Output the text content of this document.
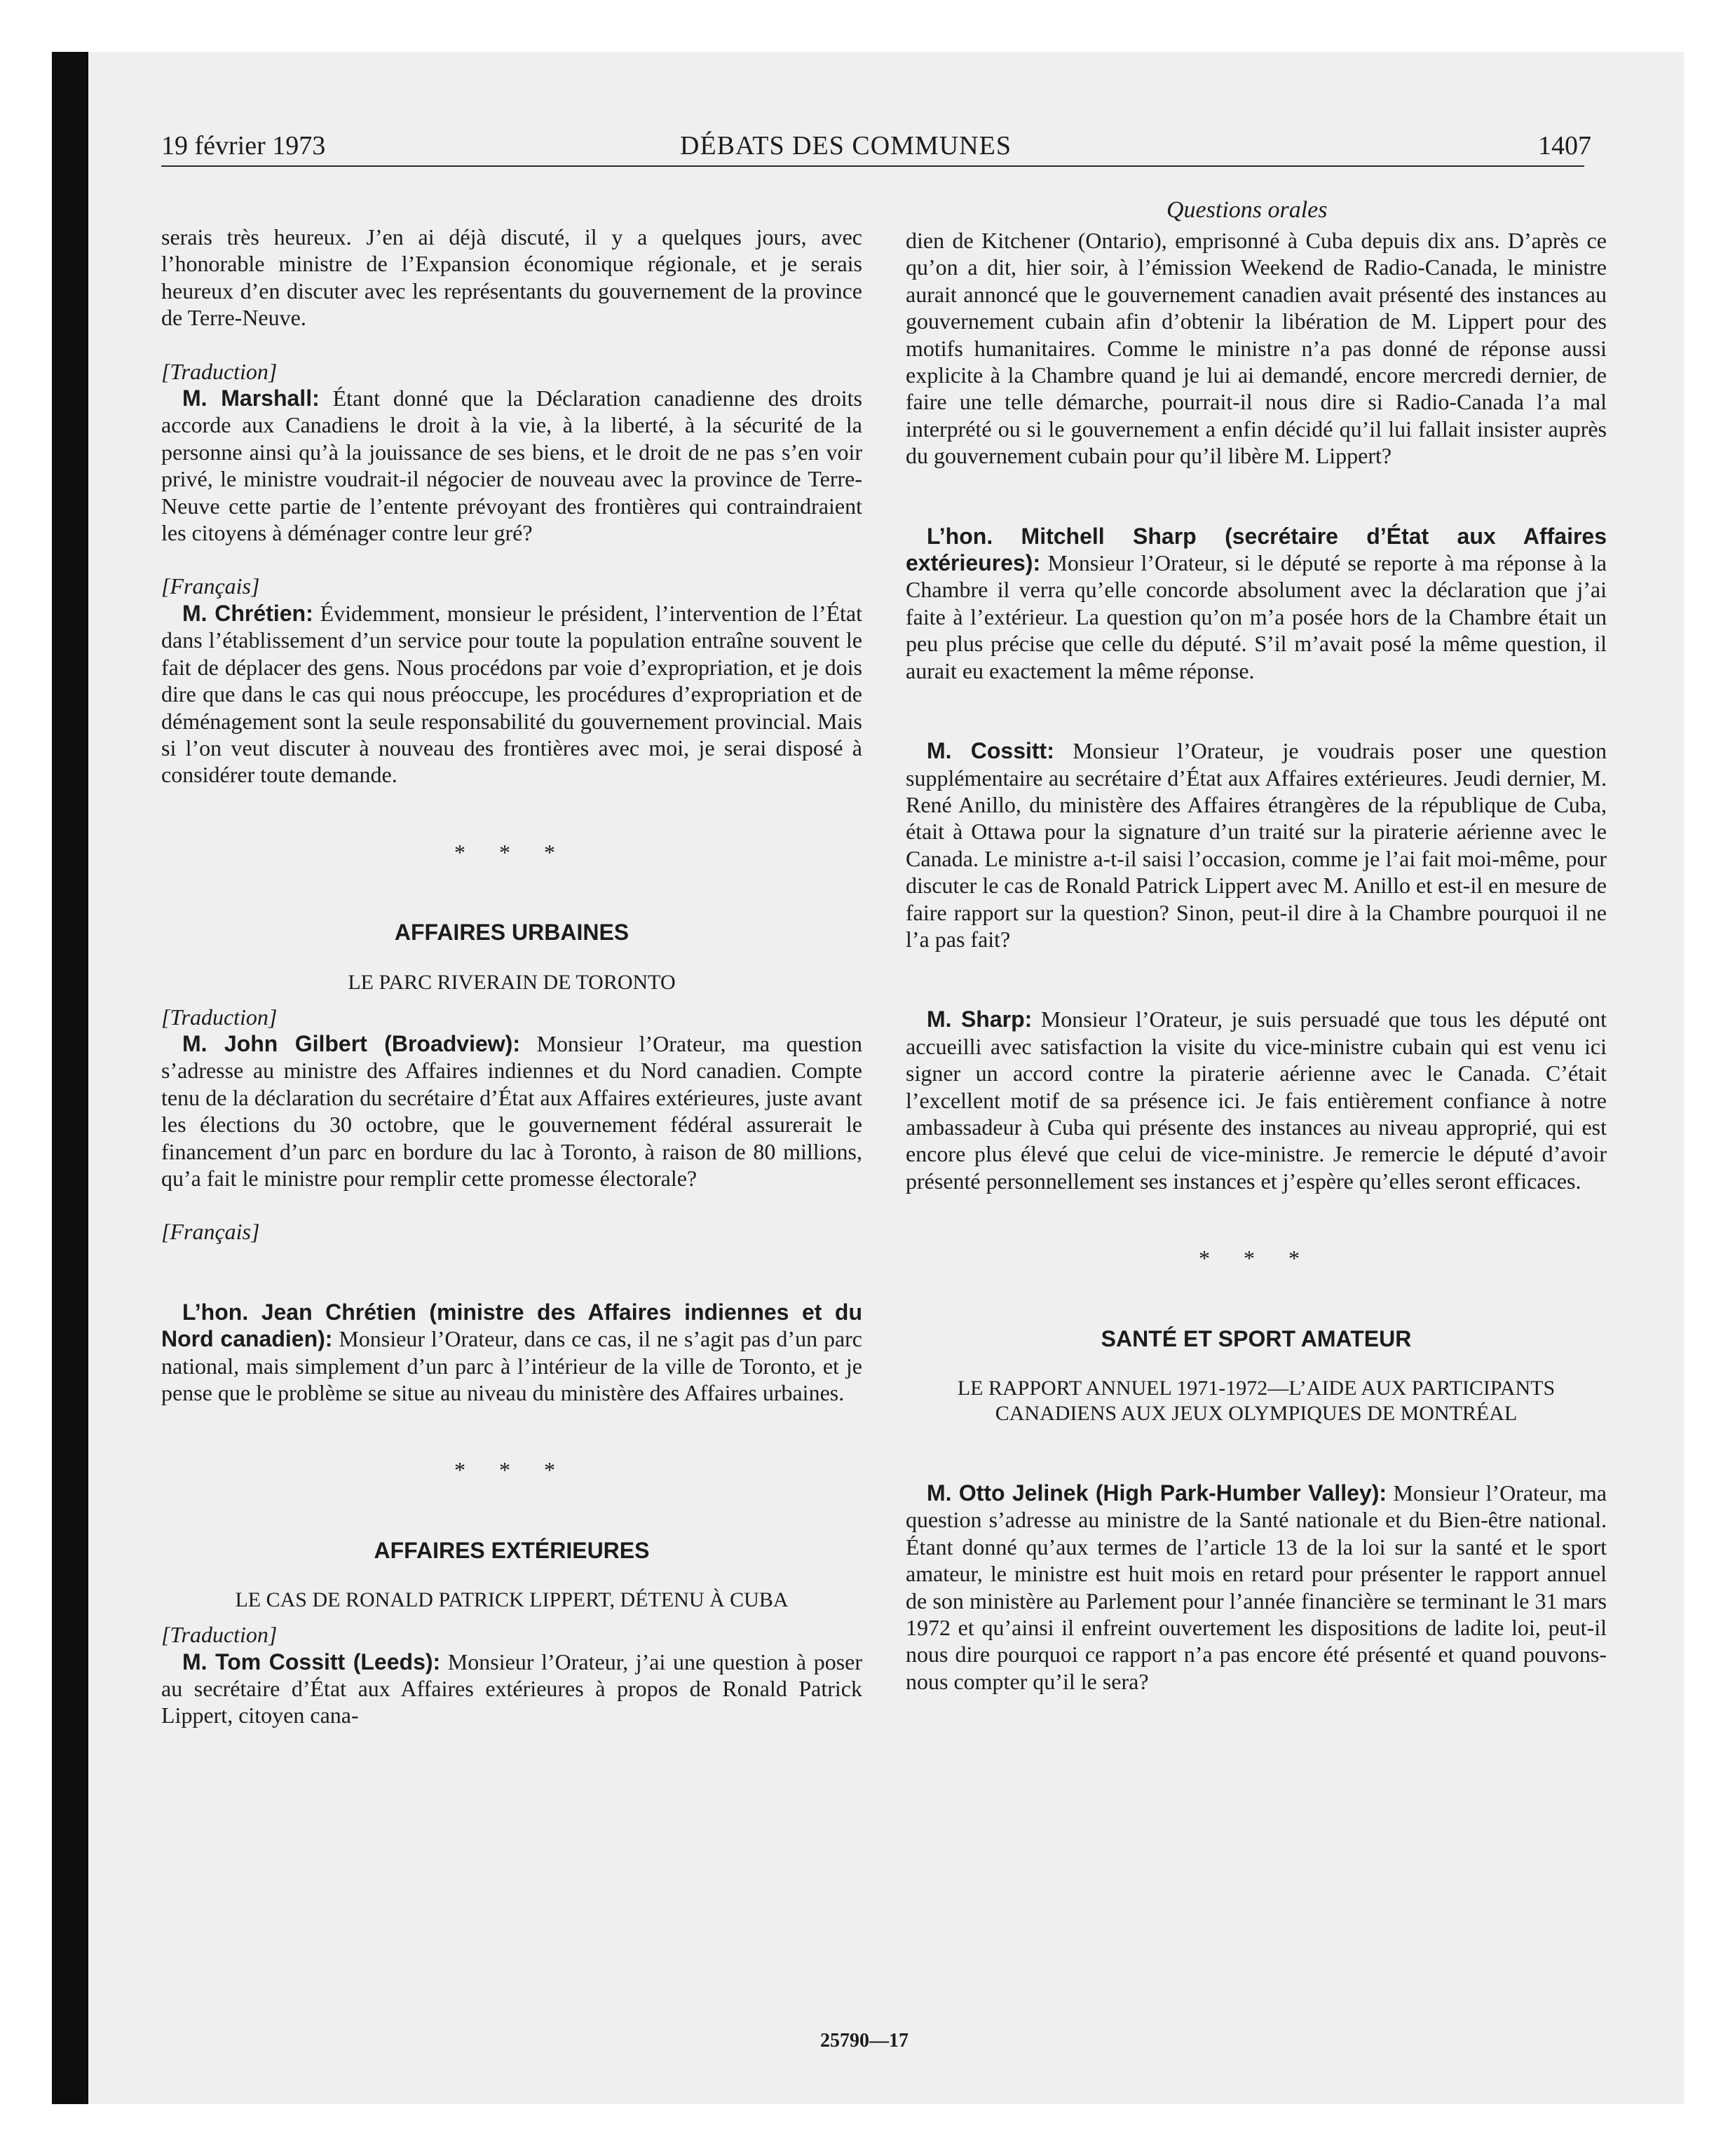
19 février 1973	DÉBATS DES COMMUNES	1407
Questions orales

serais très heureux. J’en ai déjà discuté, il y a quelques jours, avec l’honorable ministre de l’Expansion économique régionale, et je serais heureux d’en discuter avec les représentants du gouvernement de la province de Terre-Neuve.

[Traduction]

M. Marshall: Étant donné que la Déclaration canadienne des droits accorde aux Canadiens le droit à la vie, à la liberté, à la sécurité de la personne ainsi qu’à la jouissance de ses biens, et le droit de ne pas s’en voir privé, le ministre voudrait-il négocier de nouveau avec la province de Terre-Neuve cette partie de l’entente prévoyant des frontières qui contraindraient les citoyens à déménager contre leur gré?

[Français]

M. Chrétien: Évidemment, monsieur le président, l’intervention de l’État dans l’établissement d’un service pour toute la population entraîne souvent le fait de déplacer des gens. Nous procédons par voie d’expropriation, et je dois dire que dans le cas qui nous préoccupe, les procédures d’expropriation et de déménagement sont la seule responsabilité du gouvernement provincial. Mais si l’on veut discuter à nouveau des frontières avec moi, je serai disposé à considérer toute demande.

* * *

AFFAIRES URBAINES

LE PARC RIVERAIN DE TORONTO

[Traduction]

M. John Gilbert (Broadview): Monsieur l’Orateur, ma question s’adresse au ministre des Affaires indiennes et du Nord canadien. Compte tenu de la déclaration du secrétaire d’État aux Affaires extérieures, juste avant les élections du 30 octobre, que le gouvernement fédéral assurerait le financement d’un parc en bordure du lac à Toronto, à raison de 80 millions, qu’a fait le ministre pour remplir cette promesse électorale?

[Français]

L’hon. Jean Chrétien (ministre des Affaires indiennes et du Nord canadien): Monsieur l’Orateur, dans ce cas, il ne s’agit pas d’un parc national, mais simplement d’un parc à l’intérieur de la ville de Toronto, et je pense que le problème se situe au niveau du ministère des Affaires urbaines.

* * *

AFFAIRES EXTÉRIEURES

LE CAS DE RONALD PATRICK LIPPERT, DÉTENU À CUBA

[Traduction]

M. Tom Cossitt (Leeds): Monsieur l’Orateur, j’ai une question à poser au secrétaire d’État aux Affaires extérieures à propos de Ronald Patrick Lippert, citoyen cana-

dien de Kitchener (Ontario), emprisonné à Cuba depuis dix ans. D’après ce qu’on a dit, hier soir, à l’émission Weekend de Radio-Canada, le ministre aurait annoncé que le gouvernement canadien avait présenté des instances au gouvernement cubain afin d’obtenir la libération de M. Lippert pour des motifs humanitaires. Comme le ministre n’a pas donné de réponse aussi explicite à la Chambre quand je lui ai demandé, encore mercredi dernier, de faire une telle démarche, pourrait-il nous dire si Radio-Canada l’a mal interprété ou si le gouvernement a enfin décidé qu’il lui fallait insister auprès du gouvernement cubain pour qu’il libère M. Lippert?

L’hon. Mitchell Sharp (secrétaire d’État aux Affaires extérieures): Monsieur l’Orateur, si le député se reporte à ma réponse à la Chambre il verra qu’elle concorde absolument avec la déclaration que j’ai faite à l’extérieur. La question qu’on m’a posée hors de la Chambre était un peu plus précise que celle du député. S’il m’avait posé la même question, il aurait eu exactement la même réponse.

M. Cossitt: Monsieur l’Orateur, je voudrais poser une question supplémentaire au secrétaire d’État aux Affaires extérieures. Jeudi dernier, M. René Anillo, du ministère des Affaires étrangères de la république de Cuba, était à Ottawa pour la signature d’un traité sur la piraterie aérienne avec le Canada. Le ministre a-t-il saisi l’occasion, comme je l’ai fait moi-même, pour discuter le cas de Ronald Patrick Lippert avec M. Anillo et est-il en mesure de faire rapport sur la question? Sinon, peut-il dire à la Chambre pourquoi il ne l’a pas fait?

M. Sharp: Monsieur l’Orateur, je suis persuadé que tous les député ont accueilli avec satisfaction la visite du vice-ministre cubain qui est venu ici signer un accord contre la piraterie aérienne avec le Canada. C’était l’excellent motif de sa présence ici. Je fais entièrement confiance à notre ambassadeur à Cuba qui présente des instances au niveau approprié, qui est encore plus élevé que celui de vice-ministre. Je remercie le député d’avoir présenté personnellement ses instances et j’espère qu’elles seront efficaces.

* * *

SANTÉ ET SPORT AMATEUR

LE RAPPORT ANNUEL 1971-1972—L’AIDE AUX PARTICIPANTS CANADIENS AUX JEUX OLYMPIQUES DE MONTRÉAL

M. Otto Jelinek (High Park-Humber Valley): Monsieur l’Orateur, ma question s’adresse au ministre de la Santé nationale et du Bien-être national. Étant donné qu’aux termes de l’article 13 de la loi sur la santé et le sport amateur, le ministre est huit mois en retard pour présenter le rapport annuel de son ministère au Parlement pour l’année financière se terminant le 31 mars 1972 et qu’ainsi il enfreint ouvertement les dispositions de ladite loi, peut-il nous dire pourquoi ce rapport n’a pas encore été présenté et quand pouvons-nous compter qu’il le sera?

25790—17
